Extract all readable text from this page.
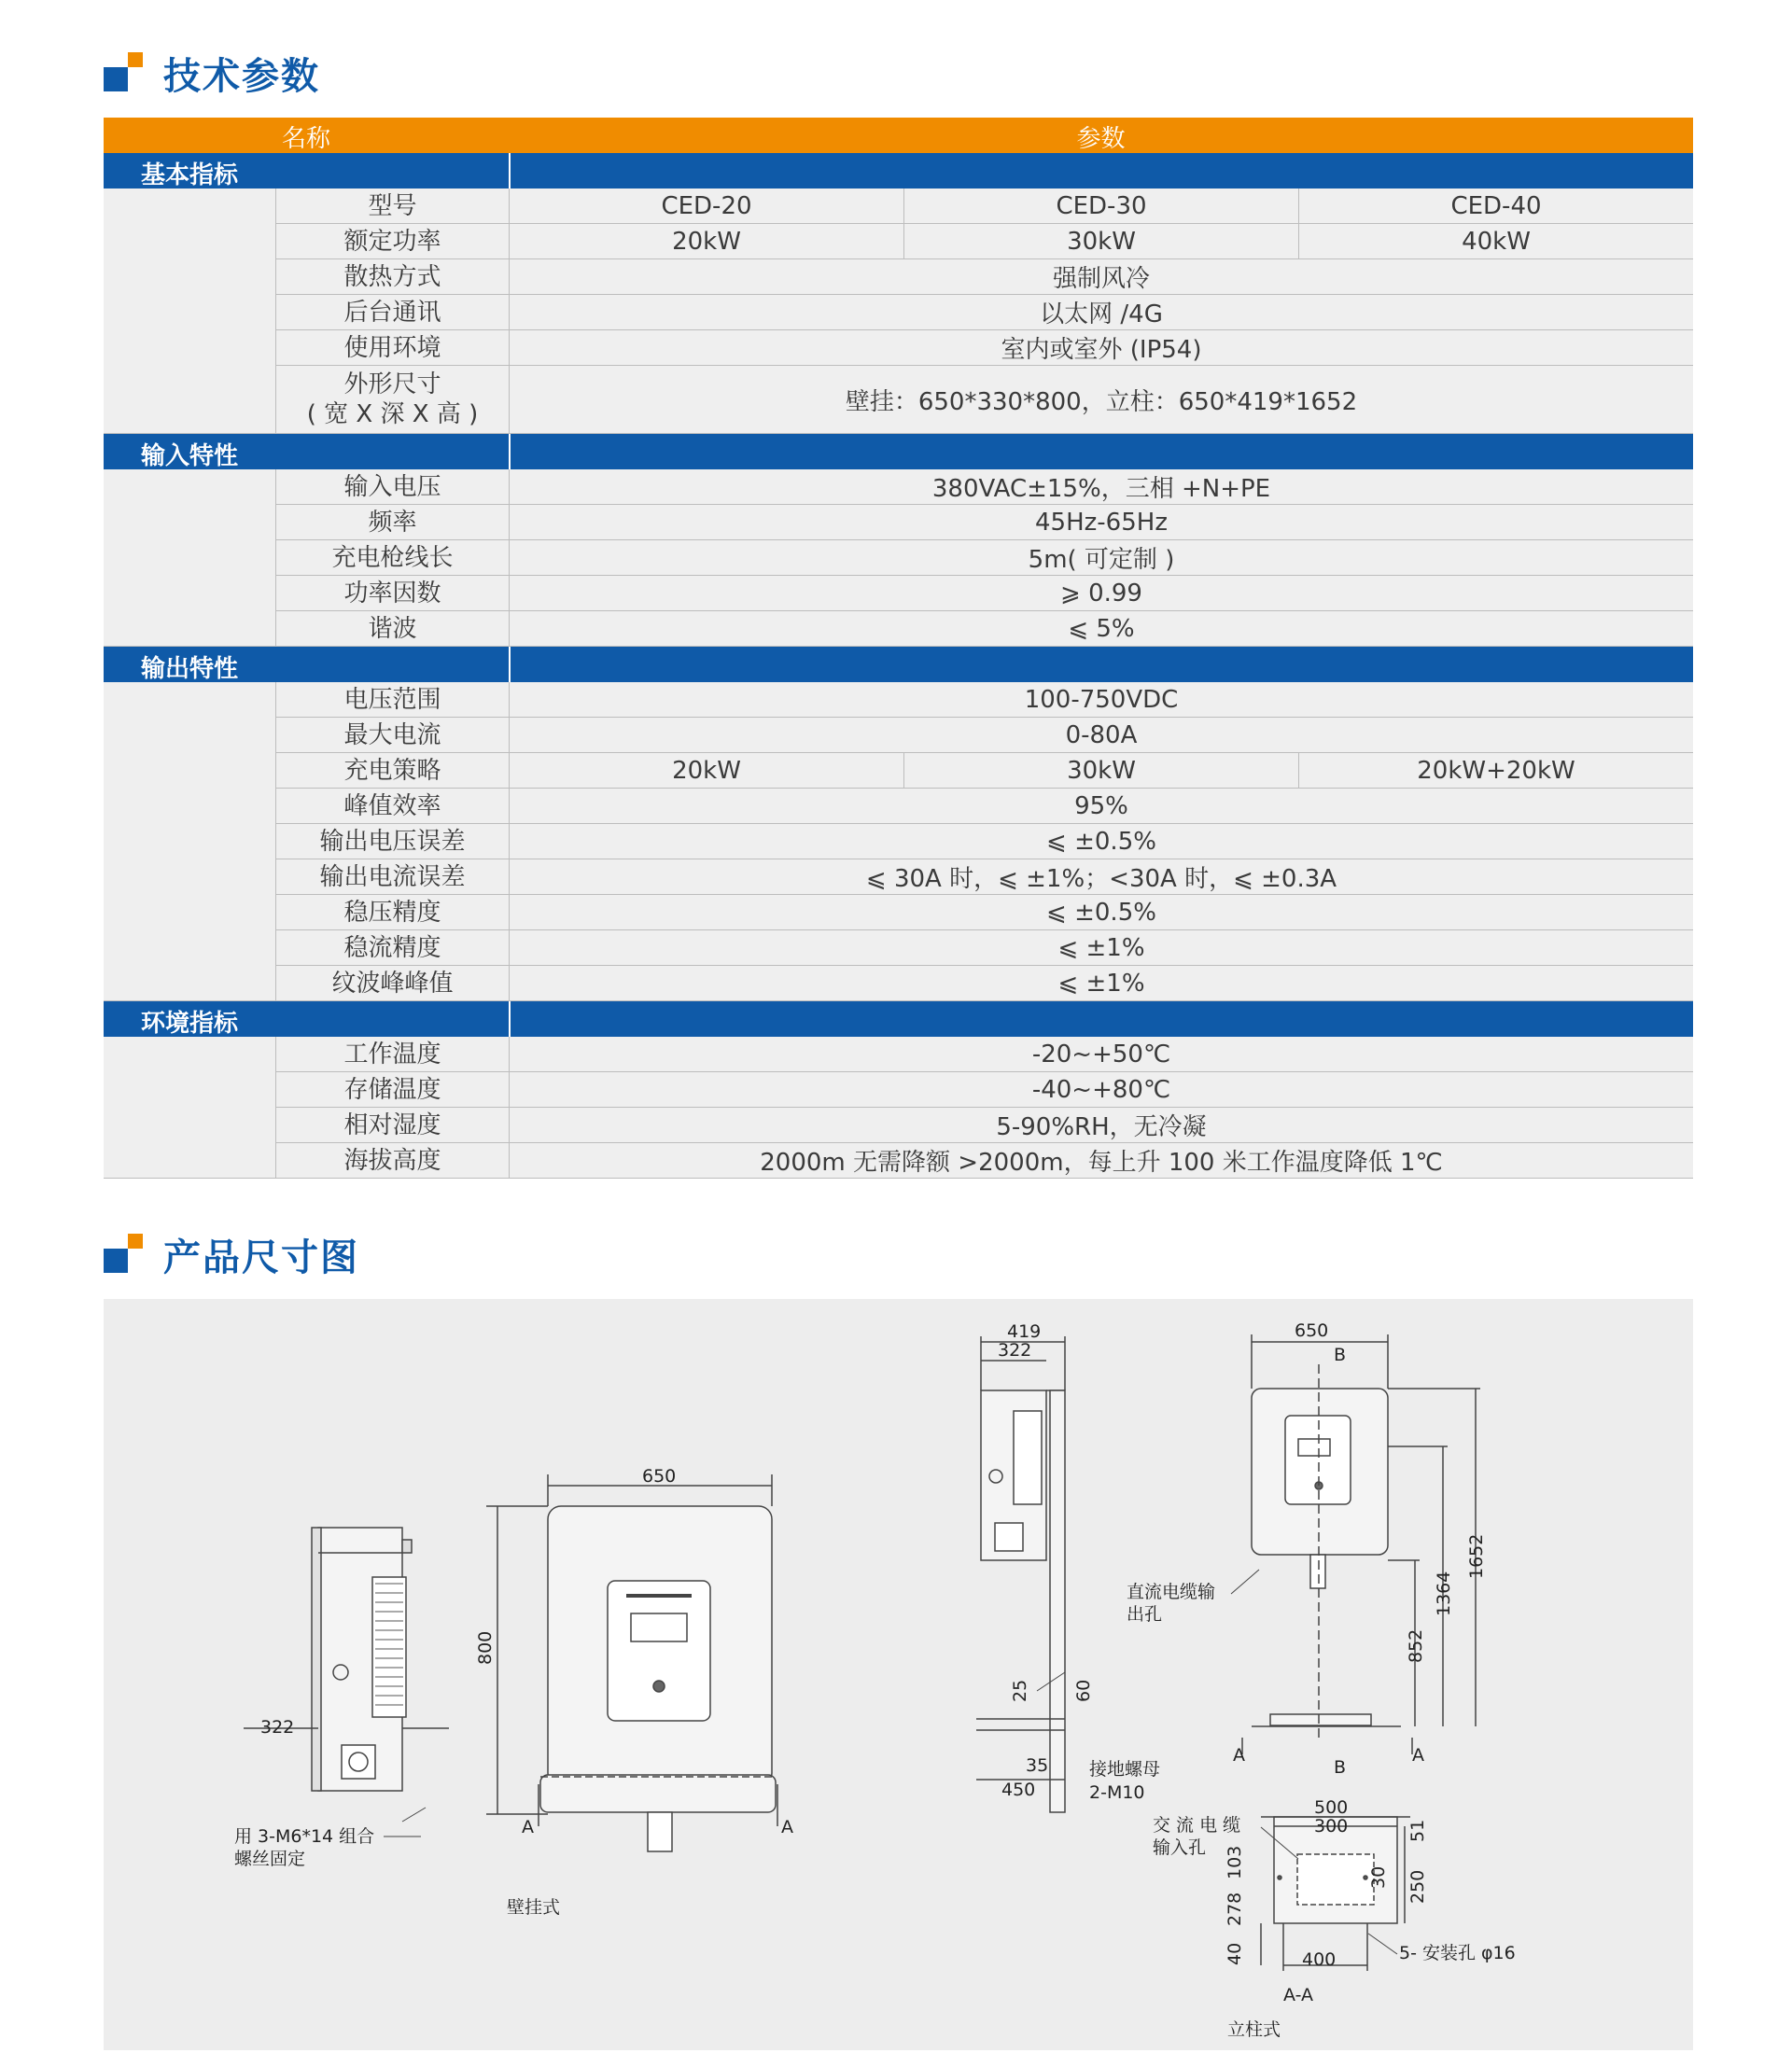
技术参数
名称	参数
基本指标
型号	CED-20	CED-30	CED-40
额定功率	20kW	30kW	40kW
散热方式	强制风冷
后台通讯	以太网 /4G
使用环境	室内或室外 (IP54)
外形尺寸
( 宽 X 深 X 高 )	壁挂：650*330*800，立柱：650*419*1652
输入特性
输入电压	380VAC±15%，三相 +N+PE
频率	45Hz-65Hz
充电枪线长	5m( 可定制 )
功率因数	⩾ 0.99
谐波	⩽ 5%
输出特性
电压范围	100-750VDC
最大电流	0-80A
充电策略	20kW	30kW	20kW+20kW
峰值效率	95%
输出电压误差	⩽ ±0.5%
输出电流误差	⩽ 30A 时，⩽ ±1%；<30A 时，⩽ ±0.3A
稳压精度	⩽ ±0.5%
稳流精度	⩽ ±1%
纹波峰峰值	⩽ ±1%
环境指标
工作温度	-20~+50℃
存储温度	-40~+80℃
相对湿度	5-90%RH，无冷凝
海拔高度	2000m 无需降额 >2000m，每上升 100 米工作温度降低 1℃
产品尺寸图
322
用 3-M6*14 组合
螺丝固定
650
800
A	A
壁挂式
419
322
25 60
35
450
接地螺母
2-M10
650
B
B
A	A
直流电缆输
出孔
852
1364
1652
交 流 电 缆
输入孔
500
300	51
30 250
103
278
40	400	5- 安装孔 φ16
A-A
立柱式
